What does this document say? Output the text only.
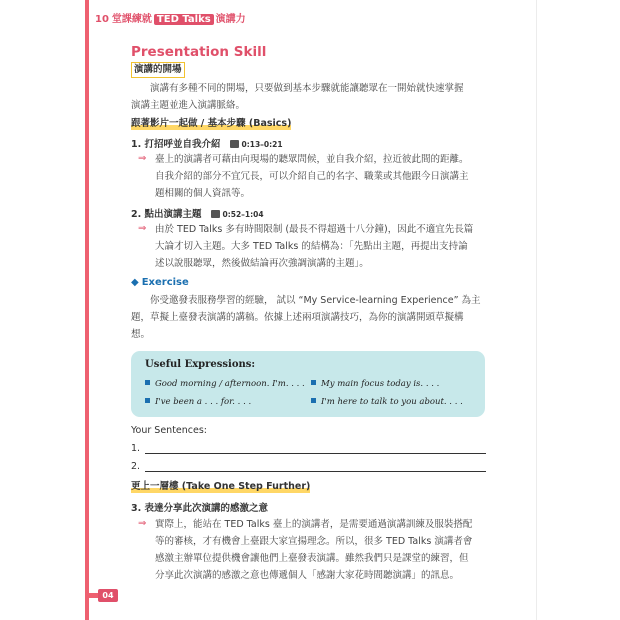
10 堂課練就 TED Talks 演講力
Presentation Skill
演講的開場
演講有多種不同的開場，只要做到基本步驟就能讓聽眾在一開始就快速掌握
演講主題並進入演講脈絡。
跟著影片一起做 / 基本步驟 (Basics)
1. 打招呼並自我介紹	0:13–0:21
⇒ 臺上的演講者可藉由向現場的聽眾問候，並自我介紹，拉近彼此間的距離。
自我介紹的部分不宜冗長，可以介紹自己的名字、職業或其他跟今日演講主
題相關的個人資訊等。
2. 點出演講主題	0:52–1:04
⇒ 由於 TED Talks 多有時間限制 (最長不得超過十八分鐘)，因此不適宜先長篇
大論才切入主題。大多 TED Talks 的結構為：「先點出主題，再提出支持論
述以說服聽眾，然後做結論再次強調演講的主題」。
◆ Exercise
你受邀發表服務學習的經驗， 試以 “My Service-learning Experience” 為主
題，草擬上臺發表演講的講稿。依據上述兩項演講技巧，為你的演講開頭草擬構
想。
Useful Expressions:
Good morning / afternoon. I'm. . . .	My main focus today is. . . .
I've been a . . . for. . . .	I'm here to talk to you about. . . .
Your Sentences:
1.
2.
更上一層樓 (Take One Step Further)
3. 表達分享此次演講的感激之意
⇒ 實際上，能站在 TED Talks 臺上的演講者，是需要通過演講訓練及服裝搭配
等的審核，才有機會上臺跟大家宣揚理念。所以，很多 TED Talks 演講者會
感激主辦單位提供機會讓他們上臺發表演講。雖然我們只是課堂的練習，但
分享此次演講的感激之意也傳遞個人「感謝大家花時間聽演講」的訊息。
04
